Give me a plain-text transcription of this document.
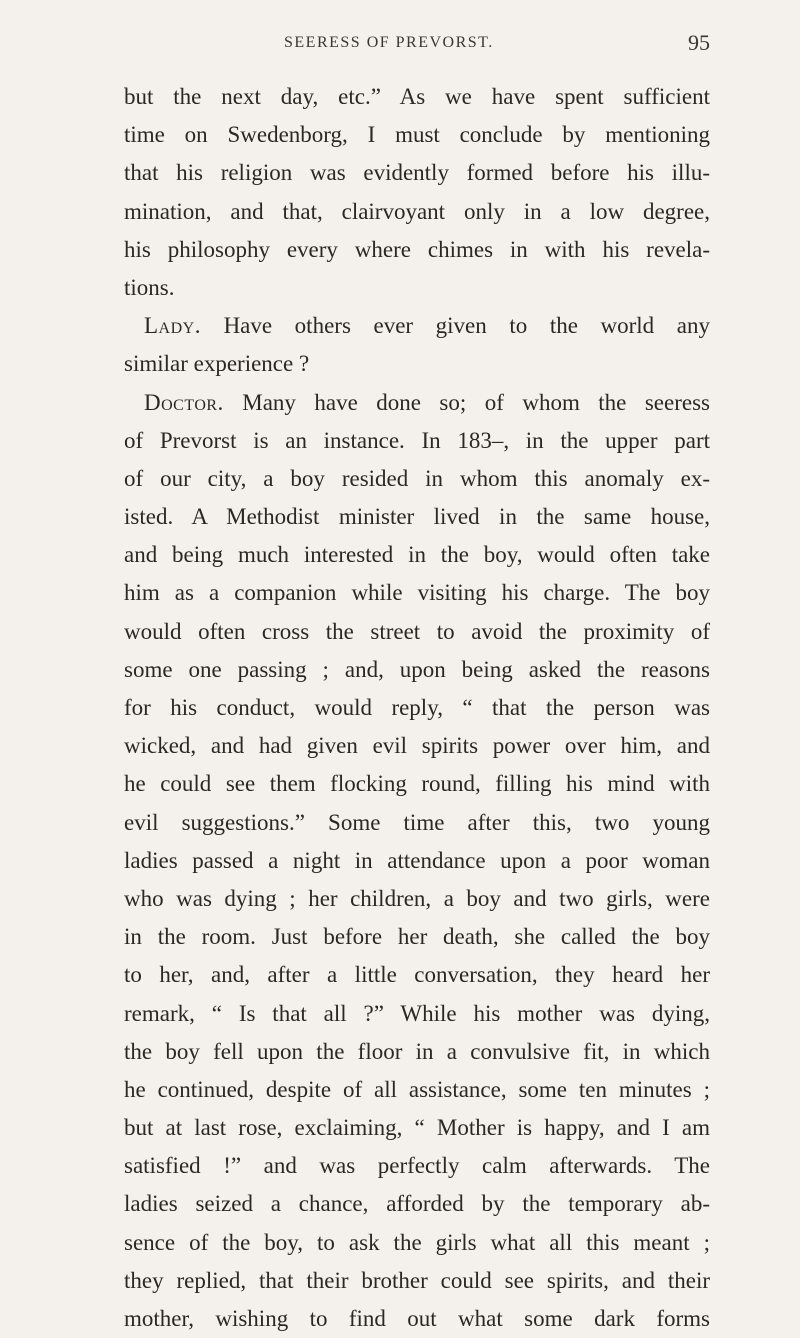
SEERESS OF PREVORST.	95
but the next day, etc.” As we have spent sufficient
time on Swedenborg, I must conclude by mentioning
that his religion was evidently formed before his illu-
mination, and that, clairvoyant only in a low degree,
his philosophy every where chimes in with his revela-
tions.
Lady. Have others ever given to the world any
similar experience ?
Doctor. Many have done so; of whom the seeress
of Prevorst is an instance. In 183–, in the upper part
of our city, a boy resided in whom this anomaly ex-
isted. A Methodist minister lived in the same house,
and being much interested in the boy, would often take
him as a companion while visiting his charge. The boy
would often cross the street to avoid the proximity of
some one passing ; and, upon being asked the reasons
for his conduct, would reply, “ that the person was
wicked, and had given evil spirits power over him, and
he could see them flocking round, filling his mind with
evil suggestions.” Some time after this, two young
ladies passed a night in attendance upon a poor woman
who was dying ; her children, a boy and two girls, were
in the room. Just before her death, she called the boy
to her, and, after a little conversation, they heard her
remark, “ Is that all ?” While his mother was dying,
the boy fell upon the floor in a convulsive fit, in which
he continued, despite of all assistance, some ten minutes ;
but at last rose, exclaiming, “ Mother is happy, and I am
satisfied !” and was perfectly calm afterwards. The
ladies seized a chance, afforded by the temporary ab-
sence of the boy, to ask the girls what all this meant ;
they replied, that their brother could see spirits, and their
mother, wishing to find out what some dark forms
